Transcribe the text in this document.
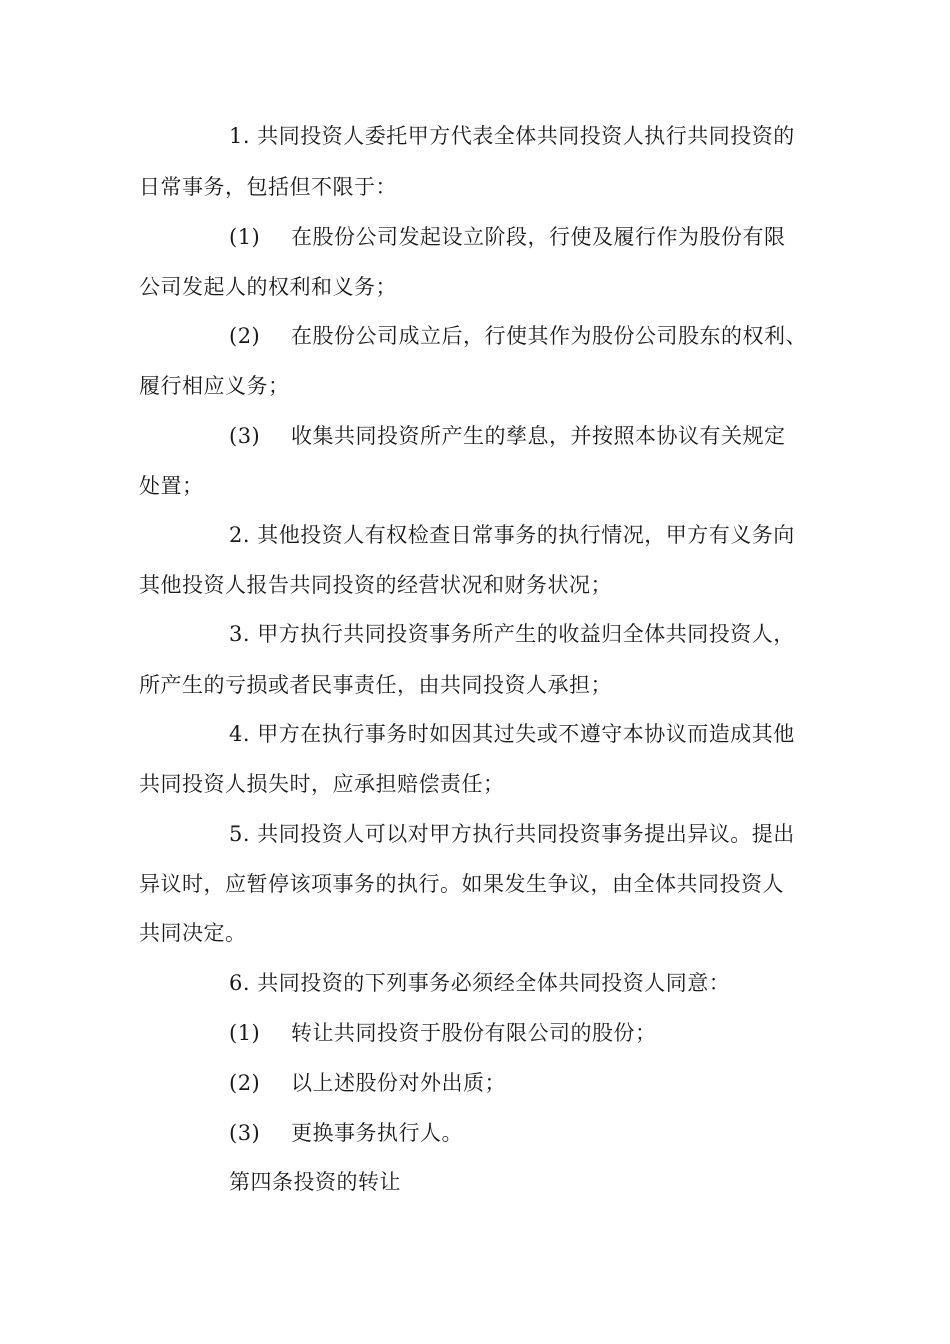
1. 共同投资人委托甲方代表全体共同投资人执行共同投资的
日常事务，包括但不限于：
(1) 在股份公司发起设立阶段，行使及履行作为股份有限
公司发起人的权利和义务；
(2) 在股份公司成立后，行使其作为股份公司股东的权利、
履行相应义务；
(3) 收集共同投资所产生的孳息，并按照本协议有关规定
处置；
2. 其他投资人有权检查日常事务的执行情况，甲方有义务向
其他投资人报告共同投资的经营状况和财务状况；
3. 甲方执行共同投资事务所产生的收益归全体共同投资人，
所产生的亏损或者民事责任，由共同投资人承担；
4. 甲方在执行事务时如因其过失或不遵守本协议而造成其他
共同投资人损失时，应承担赔偿责任；
5. 共同投资人可以对甲方执行共同投资事务提出异议。提出
异议时，应暂停该项事务的执行。如果发生争议，由全体共同投资人
共同决定。
6. 共同投资的下列事务必须经全体共同投资人同意：
(1) 转让共同投资于股份有限公司的股份；
(2) 以上述股份对外出质；
(3) 更换事务执行人。
第四条投资的转让
